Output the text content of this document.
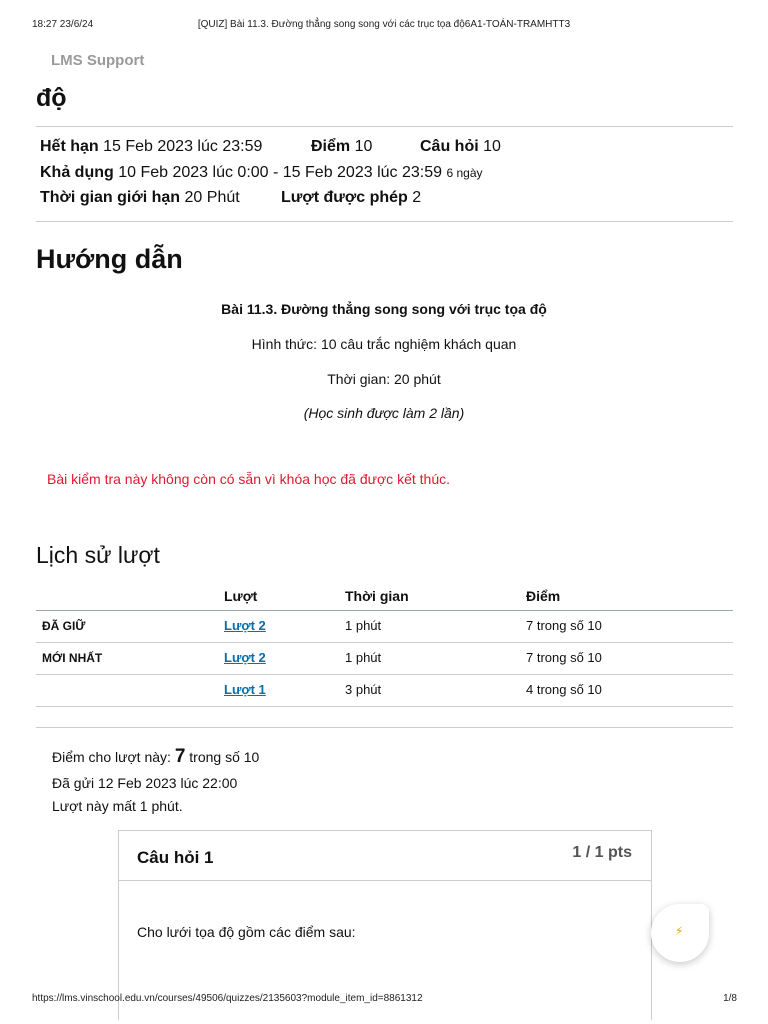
18:27 23/6/24	[QUIZ] Bài 11.3. Đường thẳng song song với các trục tọa độ6A1-TOÁN-TRAMHTT3
LMS Support
độ
Hết hạn 15 Feb 2023 lúc 23:59	Điểm 10	Câu hỏi 10
Khả dụng 10 Feb 2023 lúc 0:00 - 15 Feb 2023 lúc 23:59 6 ngày
Thời gian giới hạn 20 Phút	Lượt được phép 2
Hướng dẫn
Bài 11.3. Đường thẳng song song với trục tọa độ
Hình thức: 10 câu trắc nghiệm khách quan
Thời gian: 20 phút
(Học sinh được làm 2 lần)
Bài kiểm tra này không còn có sẵn vì khóa học đã được kết thúc.
Lịch sử lượt
Lượt	Thời gian	Điểm
ĐÃ GIỮ	Lượt 2	1 phút	7 trong số 10
MỚI NHẤT	Lượt 2	1 phút	7 trong số 10
Lượt 1	3 phút	4 trong số 10
Điểm cho lượt này: 7 trong số 10
Đã gửi 12 Feb 2023 lúc 22:00
Lượt này mất 1 phút.
Câu hỏi 1	1 / 1 pts
Cho lưới tọa độ gồm các điểm sau:	⚡
https://lms.vinschool.edu.vn/courses/49506/quizzes/2135603?module_item_id=8861312	1/8
